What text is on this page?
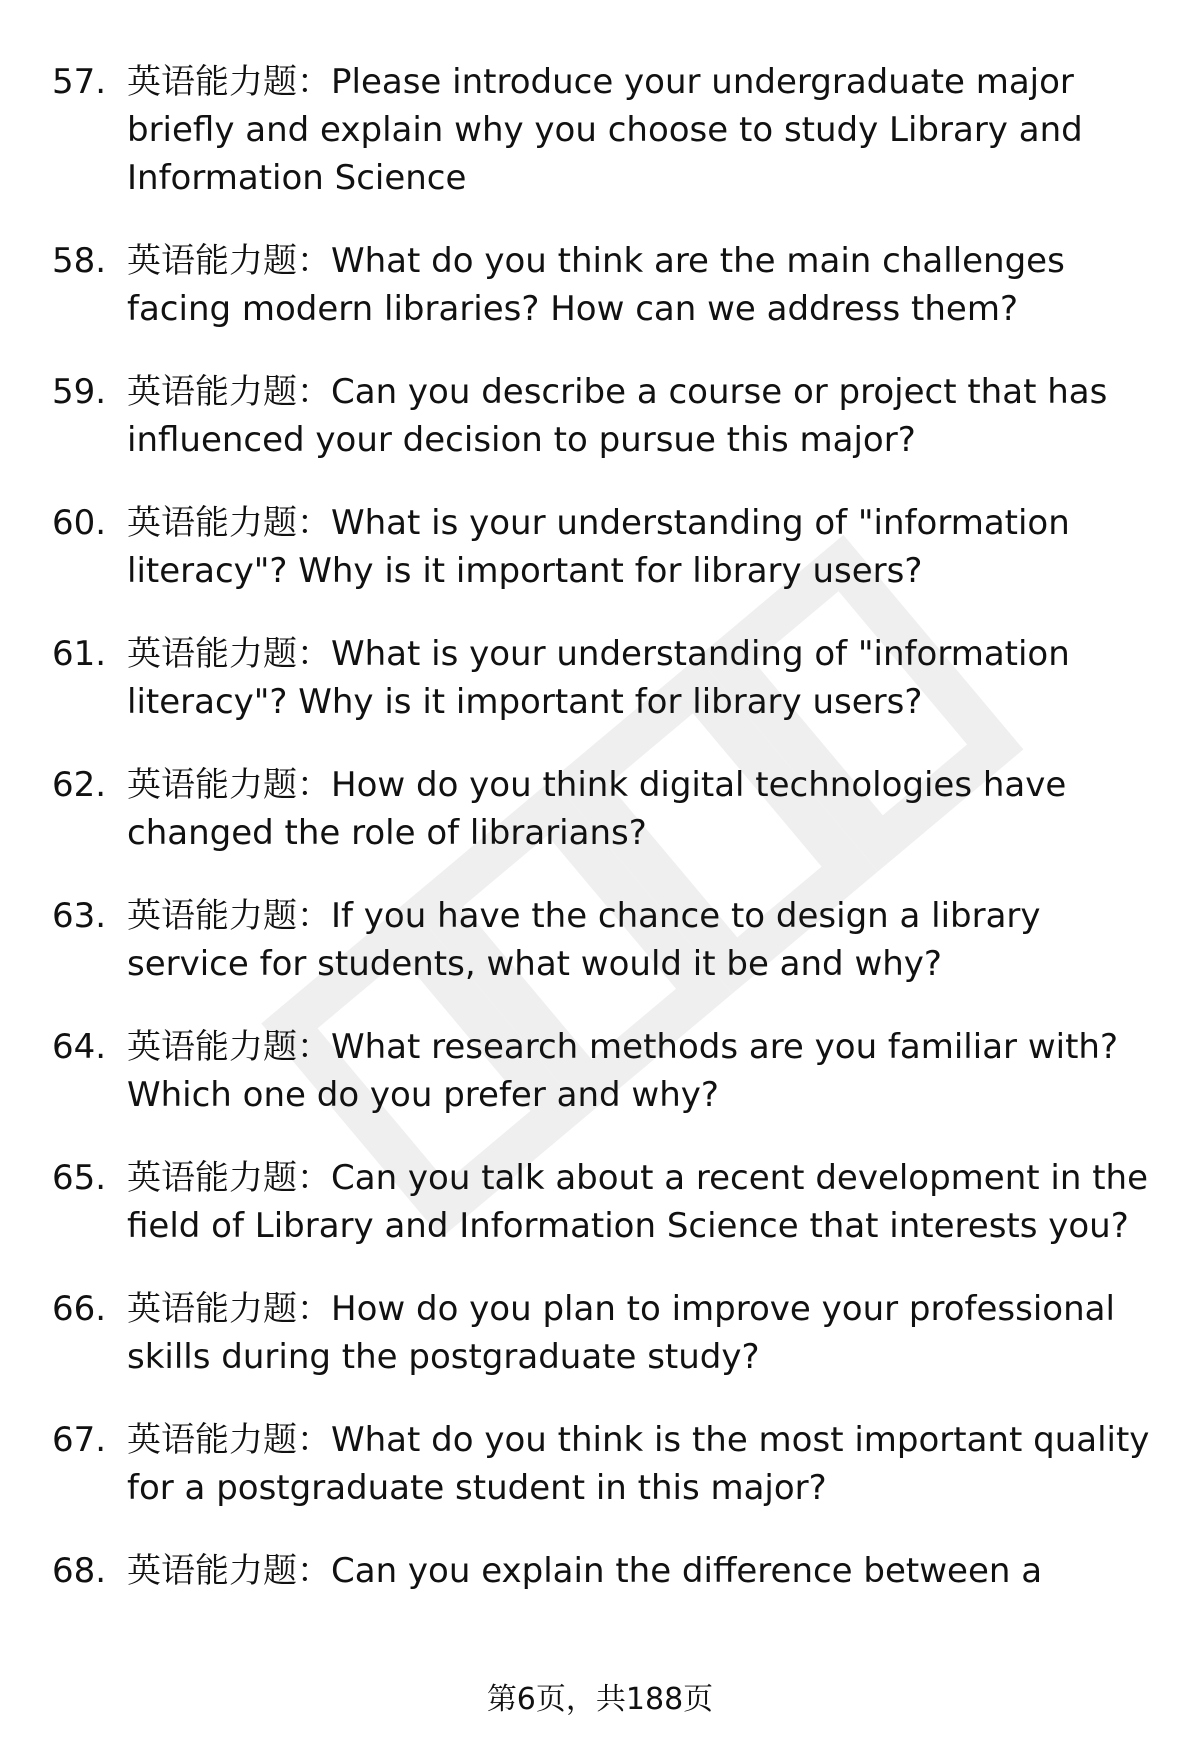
57. 英语能力题：Please introduce your undergraduate major briefly and explain why you choose to study Library and Information Science
58. 英语能力题：What do you think are the main challenges facing modern libraries? How can we address them?
59. 英语能力题：Can you describe a course or project that has influenced your decision to pursue this major?
60. 英语能力题：What is your understanding of "information literacy"? Why is it important for library users?
61. 英语能力题：What is your understanding of "information literacy"? Why is it important for library users?
62. 英语能力题：How do you think digital technologies have changed the role of librarians?
63. 英语能力题：If you have the chance to design a library service for students, what would it be and why?
64. 英语能力题：What research methods are you familiar with? Which one do you prefer and why?
65. 英语能力题：Can you talk about a recent development in the field of Library and Information Science that interests you?
66. 英语能力题：How do you plan to improve your professional skills during the postgraduate study?
67. 英语能力题：What do you think is the most important quality for a postgraduate student in this major?
68. 英语能力题：Can you explain the difference between a
第6页，共188页
